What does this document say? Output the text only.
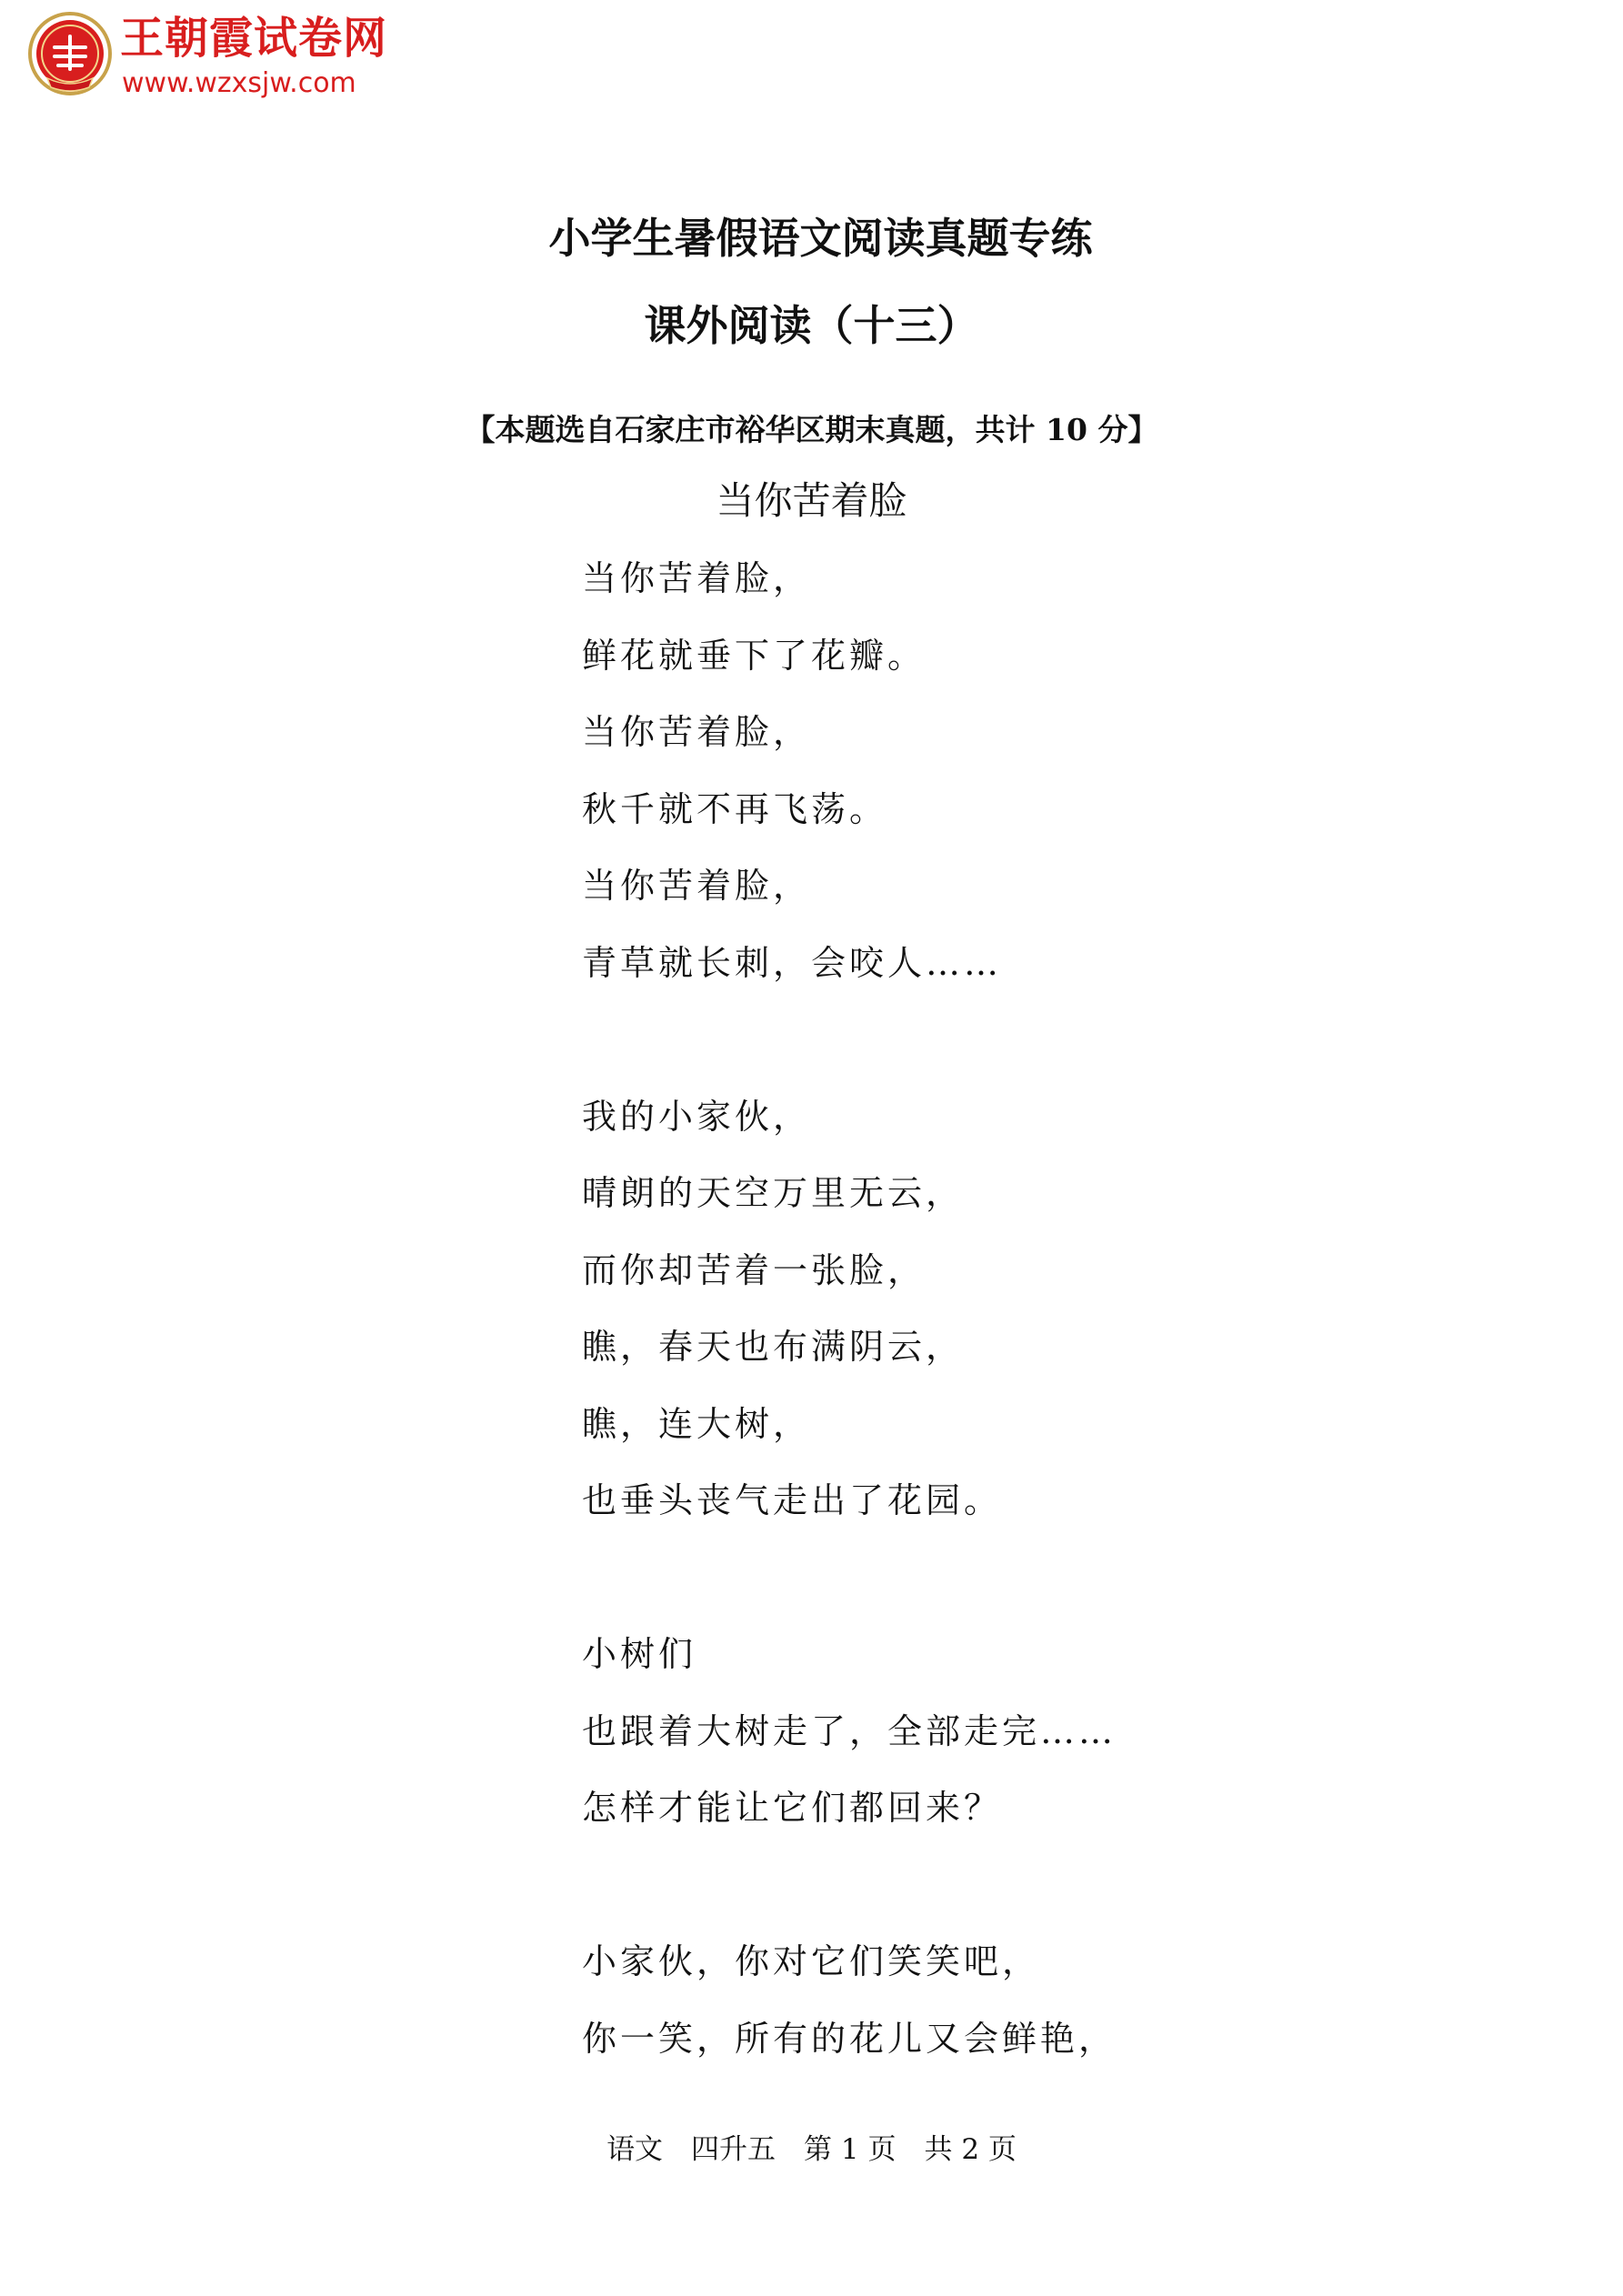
王朝霞试卷网
www.wzxsjw.com
小学生暑假语文阅读真题专练
课外阅读（十三）
【本题选自石家庄市裕华区期末真题，共计 10 分】
当你苦着脸
当你苦着脸，
鲜花就垂下了花瓣。
当你苦着脸，
秋千就不再飞荡。
当你苦着脸，
青草就长刺，会咬人……
我的小家伙，
晴朗的天空万里无云，
而你却苦着一张脸，
瞧，春天也布满阴云，
瞧，连大树，
也垂头丧气走出了花园。
小树们
也跟着大树走了，全部走完……
怎样才能让它们都回来？
小家伙，你对它们笑笑吧，
你一笑，所有的花儿又会鲜艳，
语文　四升五　第 1 页　共 2 页
